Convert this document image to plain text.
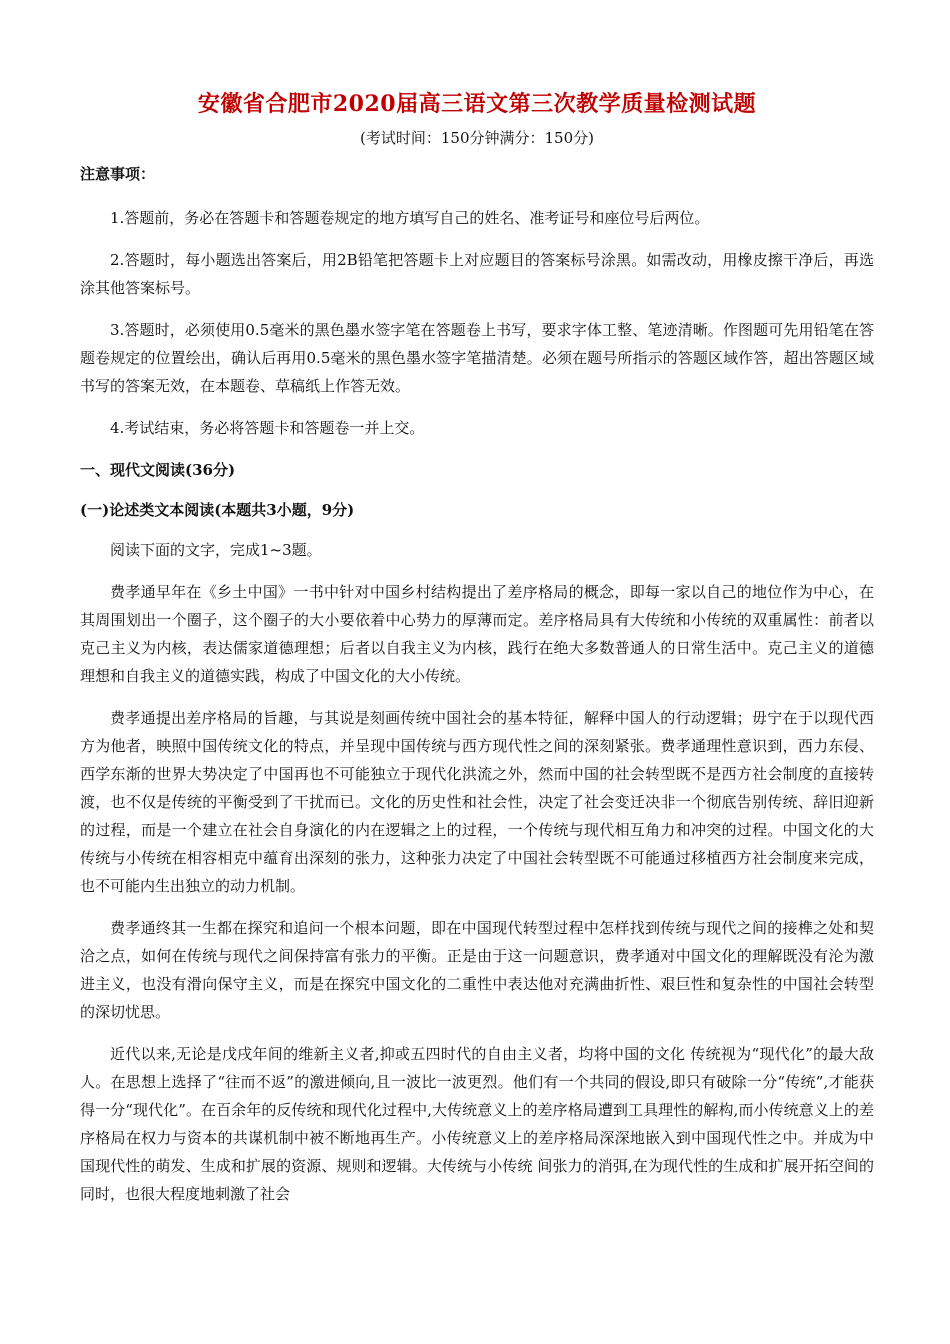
安徽省合肥市2020届高三语文第三次教学质量检测试题
(考试时间：150分钟满分：150分)
注意事项：

1.答题前，务必在答题卡和答题卷规定的地方填写自己的姓名、准考证号和座位号后两位。

2.答题时，每小题选出答案后，用2B铅笔把答题卡上对应题目的答案标号涂黑。如需改动，用橡皮擦干净后，再选涂其他答案标号。

3.答题时，必须使用0.5毫米的黑色墨水签字笔在答题卷上书写，要求字体工整、笔迹清晰。作图题可先用铅笔在答题卷规定的位置绘出，确认后再用0.5毫米的黑色墨水签字笔描清楚。必须在题号所指示的答题区域作答，超出答题区域书写的答案无效，在本题卷、草稿纸上作答无效。

4.考试结束，务必将答题卡和答题卷一并上交。

一、现代文阅读(36分)
(一)论述类文本阅读(本题共3小题，9分)

阅读下面的文字，完成1~3题。

费孝通早年在《乡土中国》一书中针对中国乡村结构提出了差序格局的概念，即每一家以自己的地位作为中心，在其周围划出一个圈子，这个圈子的大小要依着中心势力的厚薄而定。差序格局具有大传统和小传统的双重属性：前者以克己主义为内核，表达儒家道德理想；后者以自我主义为内核，践行在绝大多数普通人的日常生活中。克己主义的道德理想和自我主义的道德实践，构成了中国文化的大小传统。

费孝通提出差序格局的旨趣，与其说是刻画传统中国社会的基本特征，解释中国人的行动逻辑；毋宁在于以现代西方为他者，映照中国传统文化的特点，并呈现中国传统与西方现代性之间的深刻紧张。费孝通理性意识到，西力东侵、西学东渐的世界大势决定了中国再也不可能独立于现代化洪流之外，然而中国的社会转型既不是西方社会制度的直接转渡，也不仅是传统的平衡受到了干扰而已。文化的历史性和社会性，决定了社会变迁决非一个彻底告别传统、辞旧迎新的过程，而是一个建立在社会自身演化的内在逻辑之上的过程，一个传统与现代相互角力和冲突的过程。中国文化的大传统与小传统在相容相克中蕴育出深刻的张力，这种张力决定了中国社会转型既不可能通过移植西方社会制度来完成，也不可能内生出独立的动力机制。

费孝通终其一生都在探究和追问一个根本问题，即在中国现代转型过程中怎样找到传统与现代之间的接榫之处和契洽之点，如何在传统与现代之间保持富有张力的平衡。正是由于这一问题意识，费孝通对中国文化的理解既没有沦为激进主义，也没有滑向保守主义，而是在探究中国文化的二重性中表达他对充满曲折性、艰巨性和复杂性的中国社会转型的深切忧思。

近代以来,无论是戊戌年间的维新主义者,抑或五四时代的自由主义者，均将中国的文化 传统视为“现代化”的最大敌人。在思想上选择了“往而不返”的激进倾向,且一波比一波更烈。他们有一个共同的假设,即只有破除一分“传统”,才能获得一分“现代化”。在百余年的反传统和现代化过程中,大传统意义上的差序格局遭到工具理性的解构,而小传统意义上的差序格局在权力与资本的共谋机制中被不断地再生产。小传统意义上的差序格局深深地嵌入到中国现代性之中。并成为中国现代性的萌发、生成和扩展的资源、规则和逻辑。大传统与小传统 间张力的消弭,在为现代性的生成和扩展开拓空间的同时，也很大程度地刺激了社会
